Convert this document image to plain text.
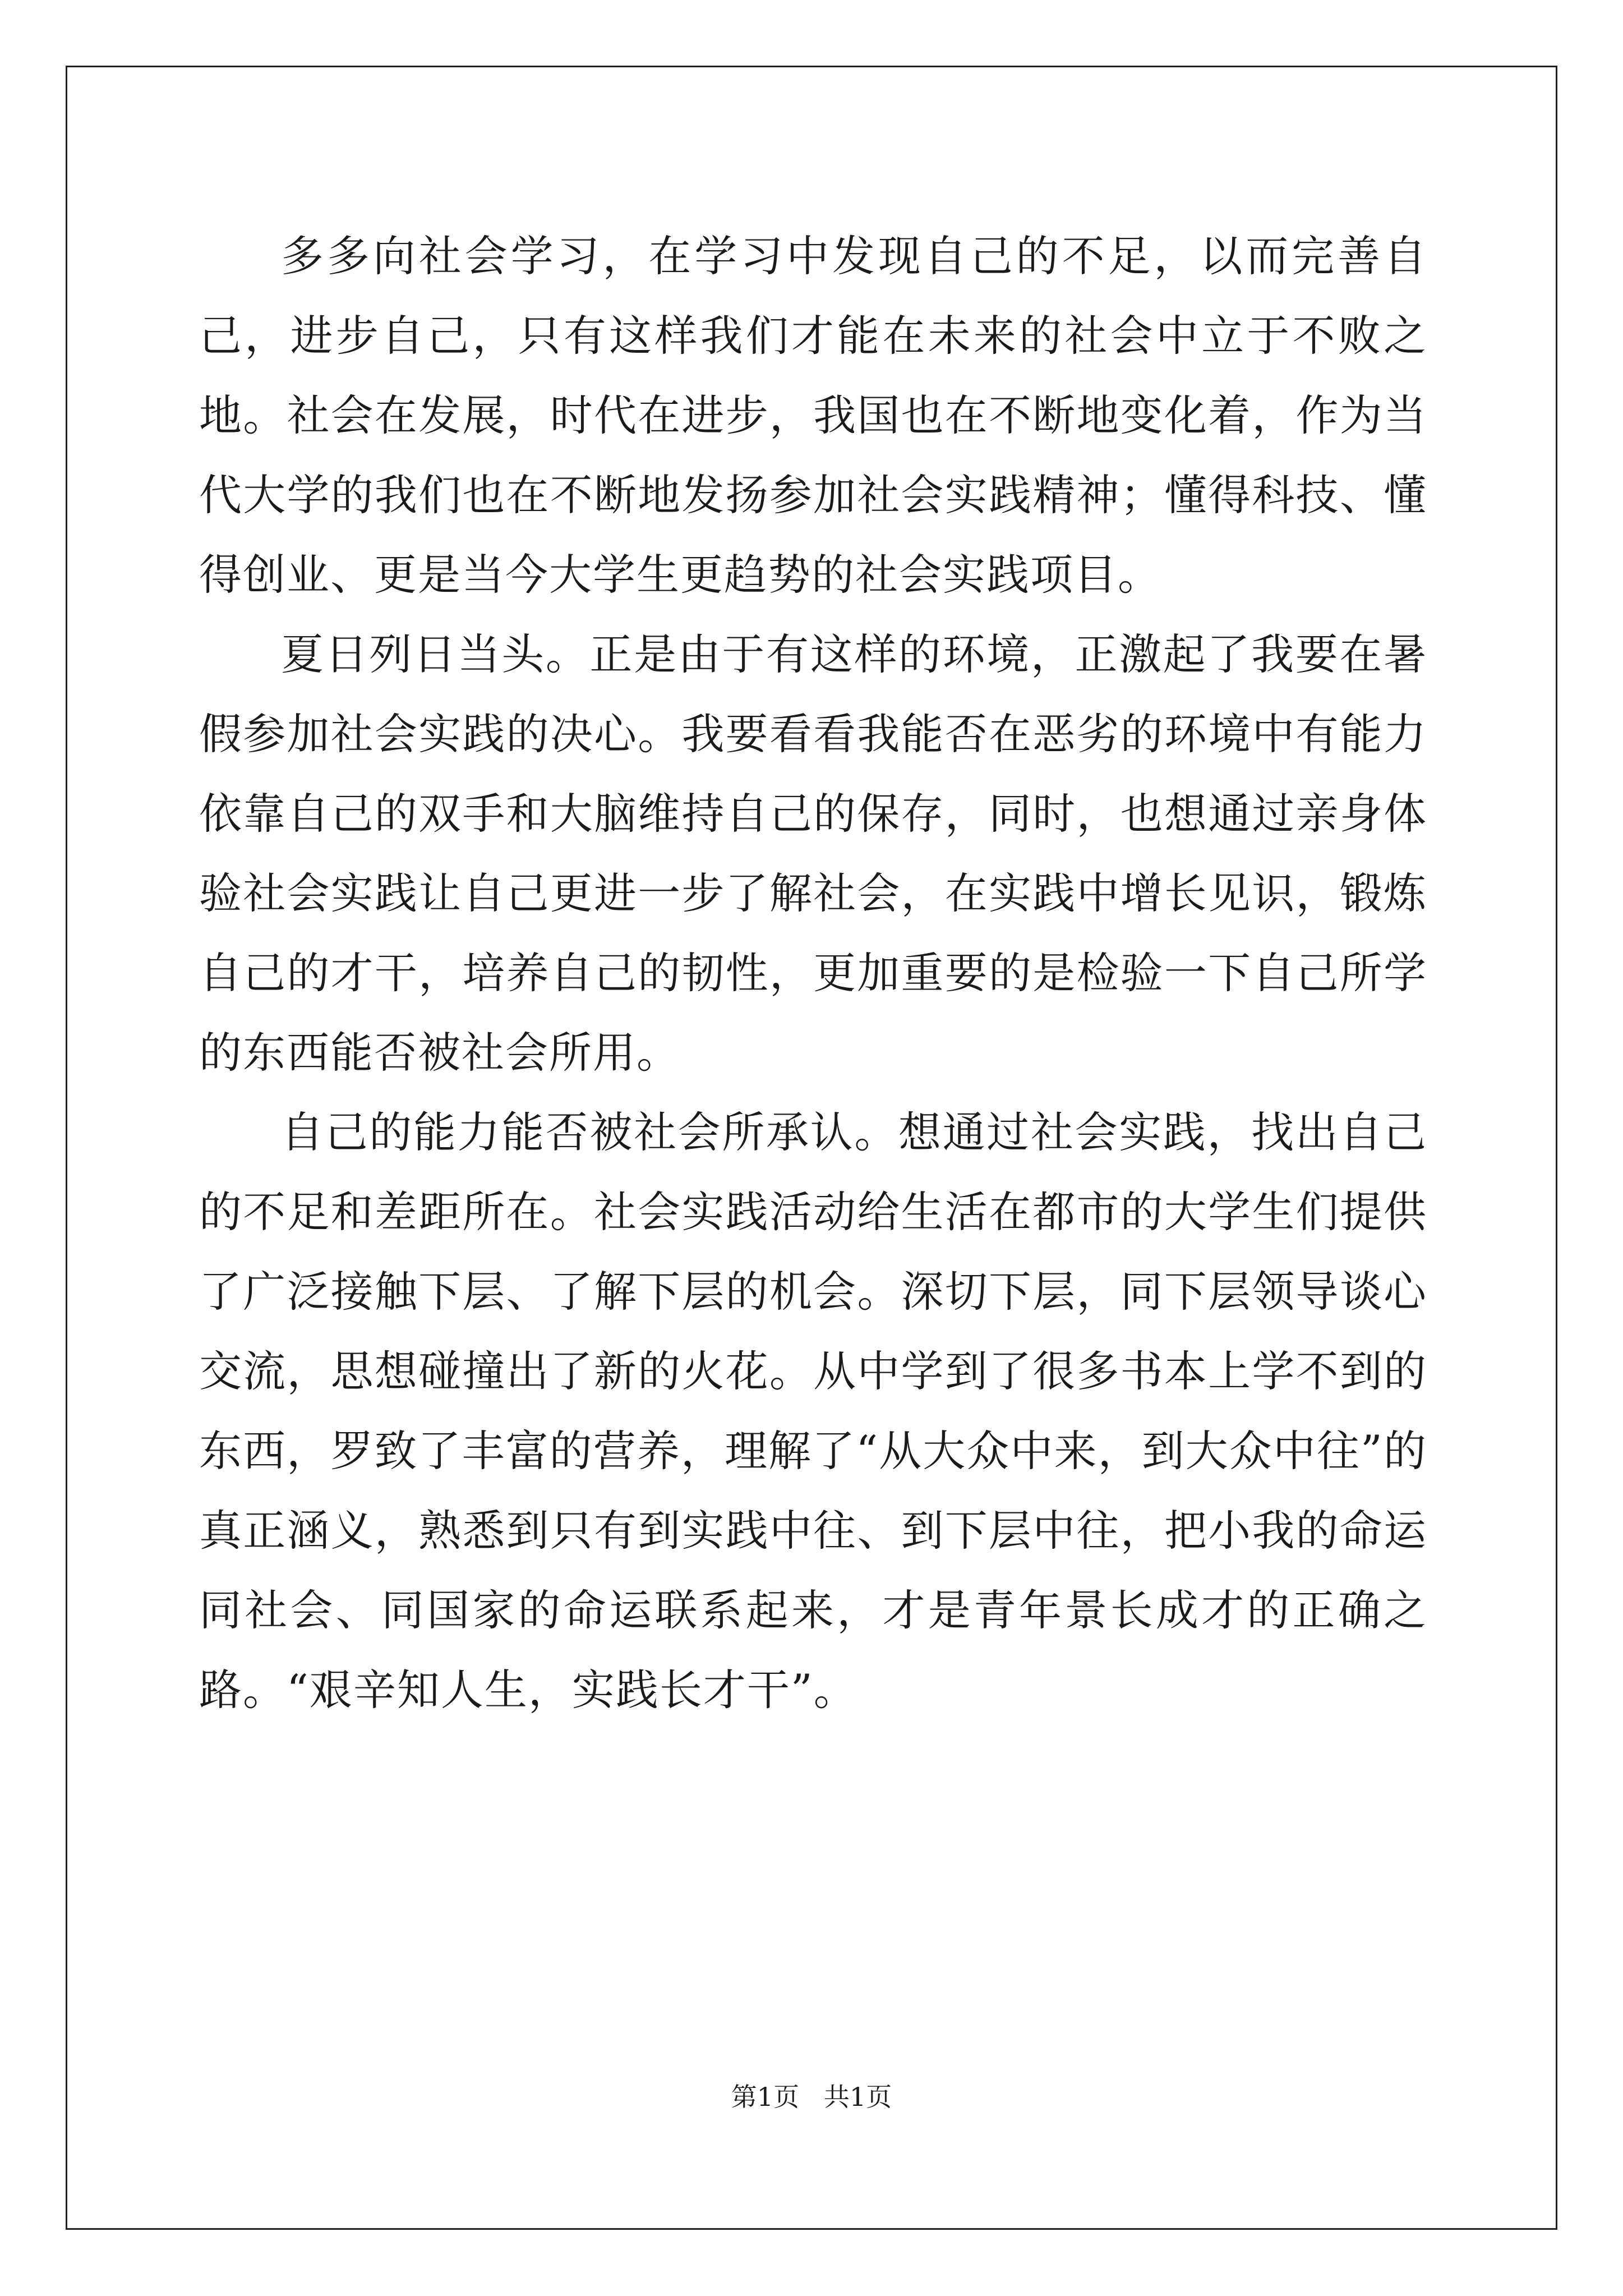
多多向社会学习，在学习中发现自己的不足，以而完善自己，进步自己，只有这样我们才能在未来的社会中立于不败之地。社会在发展，时代在进步，我国也在不断地变化着，作为当代大学的我们也在不断地发扬参加社会实践精神；懂得科技、懂得创业、更是当今大学生更趋势的社会实践项目。

夏日列日当头。正是由于有这样的环境，正激起了我要在暑假参加社会实践的决心。我要看看我能否在恶劣的环境中有能力依靠自己的双手和大脑维持自己的保存，同时，也想通过亲身体验社会实践让自己更进一步了解社会，在实践中增长见识，锻炼自己的才干，培养自己的韧性，更加重要的是检验一下自己所学的东西能否被社会所用。

自己的能力能否被社会所承认。想通过社会实践，找出自己的不足和差距所在。社会实践活动给生活在都市的大学生们提供了广泛接触下层、了解下层的机会。深切下层，同下层领导谈心交流，思想碰撞出了新的火花。从中学到了很多书本上学不到的东西，罗致了丰富的营养，理解了“从大众中来，到大众中往”的真正涵义，熟悉到只有到实践中往、到下层中往，把小我的命运同社会、同国家的命运联系起来，才是青年景长成才的正确之路。“艰辛知人生，实践长才干”。

第1页   共1页
